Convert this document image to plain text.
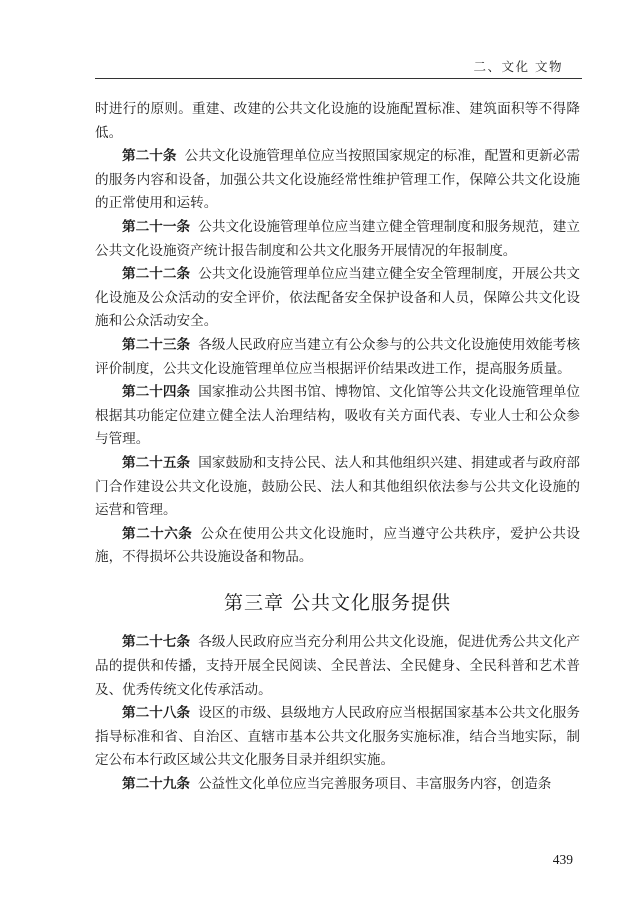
二、文化 文物

时进行的原则。重建、改建的公共文化设施的设施配置标准、建筑面积等不得降低。

第二十条 公共文化设施管理单位应当按照国家规定的标准，配置和更新必需的服务内容和设备，加强公共文化设施经常性维护管理工作，保障公共文化设施的正常使用和运转。

第二十一条 公共文化设施管理单位应当建立健全管理制度和服务规范，建立公共文化设施资产统计报告制度和公共文化服务开展情况的年报制度。

第二十二条 公共文化设施管理单位应当建立健全安全管理制度，开展公共文化设施及公众活动的安全评价，依法配备安全保护设备和人员，保障公共文化设施和公众活动安全。

第二十三条 各级人民政府应当建立有公众参与的公共文化设施使用效能考核评价制度，公共文化设施管理单位应当根据评价结果改进工作，提高服务质量。

第二十四条 国家推动公共图书馆、博物馆、文化馆等公共文化设施管理单位根据其功能定位建立健全法人治理结构，吸收有关方面代表、专业人士和公众参与管理。

第二十五条 国家鼓励和支持公民、法人和其他组织兴建、捐建或者与政府部门合作建设公共文化设施，鼓励公民、法人和其他组织依法参与公共文化设施的运营和管理。

第二十六条 公众在使用公共文化设施时，应当遵守公共秩序，爱护公共设施，不得损坏公共设施设备和物品。

第三章 公共文化服务提供

第二十七条 各级人民政府应当充分利用公共文化设施，促进优秀公共文化产品的提供和传播，支持开展全民阅读、全民普法、全民健身、全民科普和艺术普及、优秀传统文化传承活动。

第二十八条 设区的市级、县级地方人民政府应当根据国家基本公共文化服务指导标准和省、自治区、直辖市基本公共文化服务实施标准，结合当地实际，制定公布本行政区域公共文化服务目录并组织实施。

第二十九条 公益性文化单位应当完善服务项目、丰富服务内容，创造条

439
